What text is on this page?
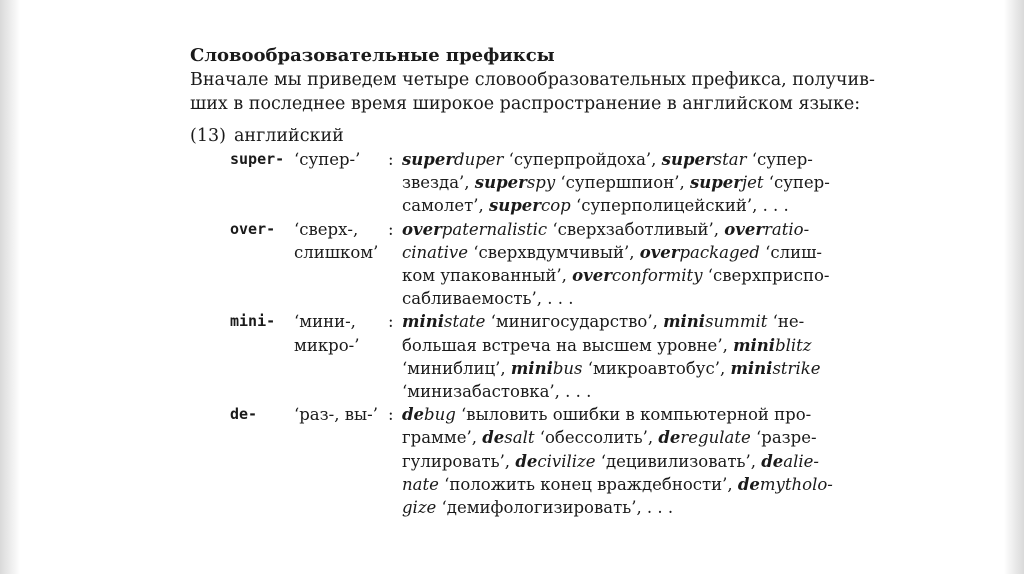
Словообразовательные префиксы

Вначале мы приведем четыре словообразовательных префикса, получив-
ших в последнее время широкое распространение в английском языке:

(13) английский
super-	‘супер-’	:	superduper ‘суперпройдоха’, superstar ‘супер-
звезда’, superspy ‘супершпион’, superjet ‘супер-
самолет’, supercop ‘суперполицейский’, . . .

over-	‘сверх-,
слишком’	:	overpaternalistic ‘сверхзаботливый’, overratio-
cinative ‘сверхвдумчивый’, overpackaged ‘слиш-
ком упакованный’, overconformity ‘сверхприспо-
сабливаемость’, . . .

mini-	‘мини-,
микро-’	:	ministate ‘минигосударство’, minisummit ‘не-
большая встреча на высшем уровне’, miniblitz
‘миниблиц’, minibus ‘микроавтобус’, ministrike
‘минизабастовка’, . . .

de-	‘раз-, вы-’	:	debug ‘выловить ошибки в компьютерной про-
грамме’, desalt ‘обессолить’, deregulate ‘разре-
гулировать’, decivilize ‘децивилизовать’, dealie-
nate ‘положить конец враждебности’, demytholo-
gize ‘демифологизировать’, . . .
